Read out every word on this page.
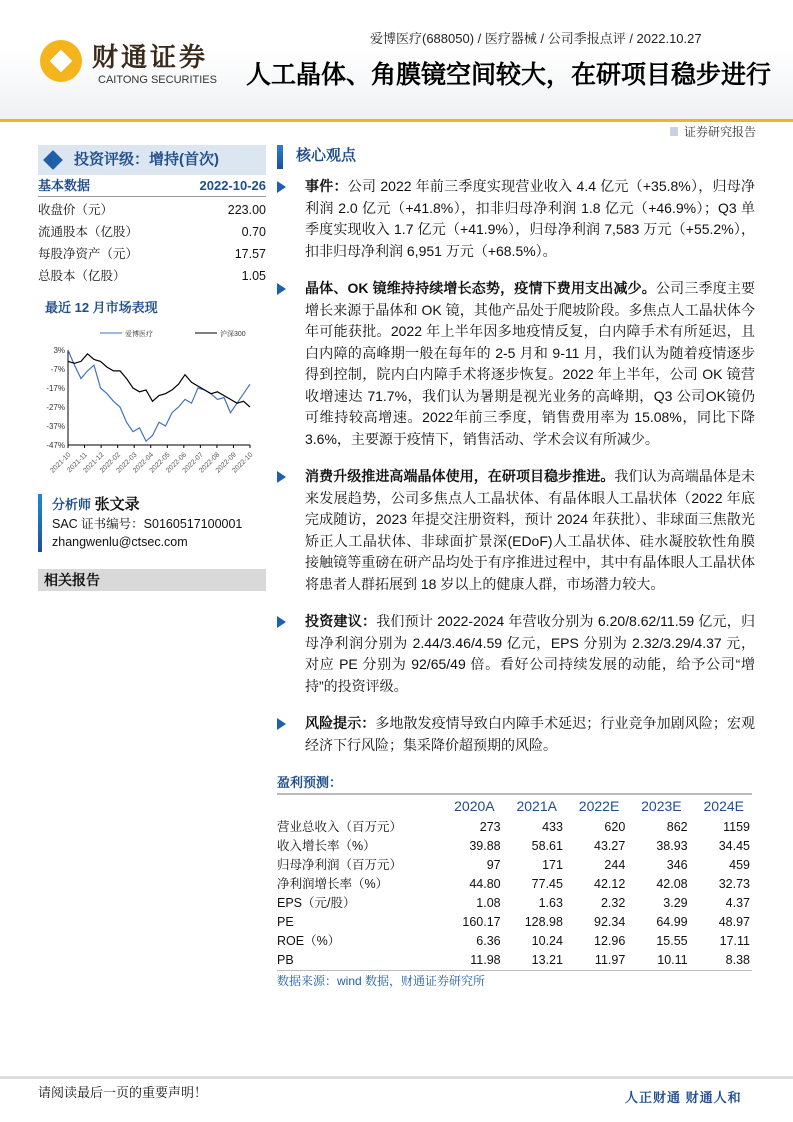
财通证券
CAITONG SECURITIES
爱博医疗(688050) / 医疗器械 / 公司季报点评 / 2022.10.27
人工晶体、角膜镜空间较大，在研项目稳步进行
证券研究报告
投资评级：增持(首次)
基本数据	2022-10-26
收盘价（元）	223.00
流通股本（亿股）	0.70
每股净资产（元）	17.57
总股本（亿股）	1.05
最近 12 月市场表现
3%
-7%
-17%
-27%
-37%
-47%
2021-10
2021-11
2021-12
2022-02
2022-03
2022-04
2022-05
2022-06
2022-07
2022-08
2022-09
2022-10
爱博医疗	沪深300
分析师 张文录
SAC 证书编号：S0160517100001
zhangwenlu@ctsec.com
相关报告
核心观点
事件：公司 2022 年前三季度实现营业收入 4.4 亿元（+35.8%），归母净利润 2.0 亿元（+41.8%），扣非归母净利润 1.8 亿元（+46.9%）；Q3 单季度实现收入 1.7 亿元（+41.9%），归母净利润 7,583 万元（+55.2%），扣非归母净利润 6,951 万元（+68.5%）。
晶体、OK 镜维持持续增长态势，疫情下费用支出减少。公司三季度主要增长来源于晶体和 OK 镜，其他产品处于爬坡阶段。多焦点人工晶状体今年可能获批。2022 年上半年因多地疫情反复，白内障手术有所延迟，且白内障的高峰期一般在每年的 2-5 月和 9-11 月，我们认为随着疫情逐步得到控制，院内白内障手术将逐步恢复。2022 年上半年，公司 OK 镜营收增速达 71.7%，我们认为暑期是视光业务的高峰期，Q3 公司OK镜仍可维持较高增速。2022年前三季度，销售费用率为 15.08%，同比下降 3.6%，主要源于疫情下，销售活动、学术会议有所减少。
消费升级推进高端晶体使用，在研项目稳步推进。我们认为高端晶体是未来发展趋势，公司多焦点人工晶状体、有晶体眼人工晶状体（2022 年底完成随访，2023 年提交注册资料，预计 2024 年获批）、非球面三焦散光矫正人工晶状体、非球面扩景深(EDoF)人工晶状体、硅水凝胶软性角膜接触镜等重磅在研产品均处于有序推进过程中，其中有晶体眼人工晶状体将患者人群拓展到 18 岁以上的健康人群，市场潜力较大。
投资建议：我们预计 2022-2024 年营收分别为 6.20/8.62/11.59 亿元，归母净利润分别为 2.44/3.46/4.59 亿元，EPS 分别为 2.32/3.29/4.37 元，对应 PE 分别为 92/65/49 倍。看好公司持续发展的动能，给予公司“增持”的投资评级。
风险提示：多地散发疫情导致白内障手术延迟；行业竞争加剧风险；宏观经济下行风险；集采降价超预期的风险。
盈利预测：
	2020A	2021A	2022E	2023E	2024E
营业总收入（百万元）	273	433	620	862	1159
收入增长率（%）	39.88	58.61	43.27	38.93	34.45
归母净利润（百万元）	97	171	244	346	459
净利润增长率（%）	44.80	77.45	42.12	42.08	32.73
EPS（元/股）	1.08	1.63	2.32	3.29	4.37
PE	160.17	128.98	92.34	64.99	48.97
ROE（%）	6.36	10.24	12.96	15.55	17.11
PB	11.98	13.21	11.97	10.11	8.38
数据来源：wind 数据，财通证券研究所
请阅读最后一页的重要声明！	人正财通 财通人和
